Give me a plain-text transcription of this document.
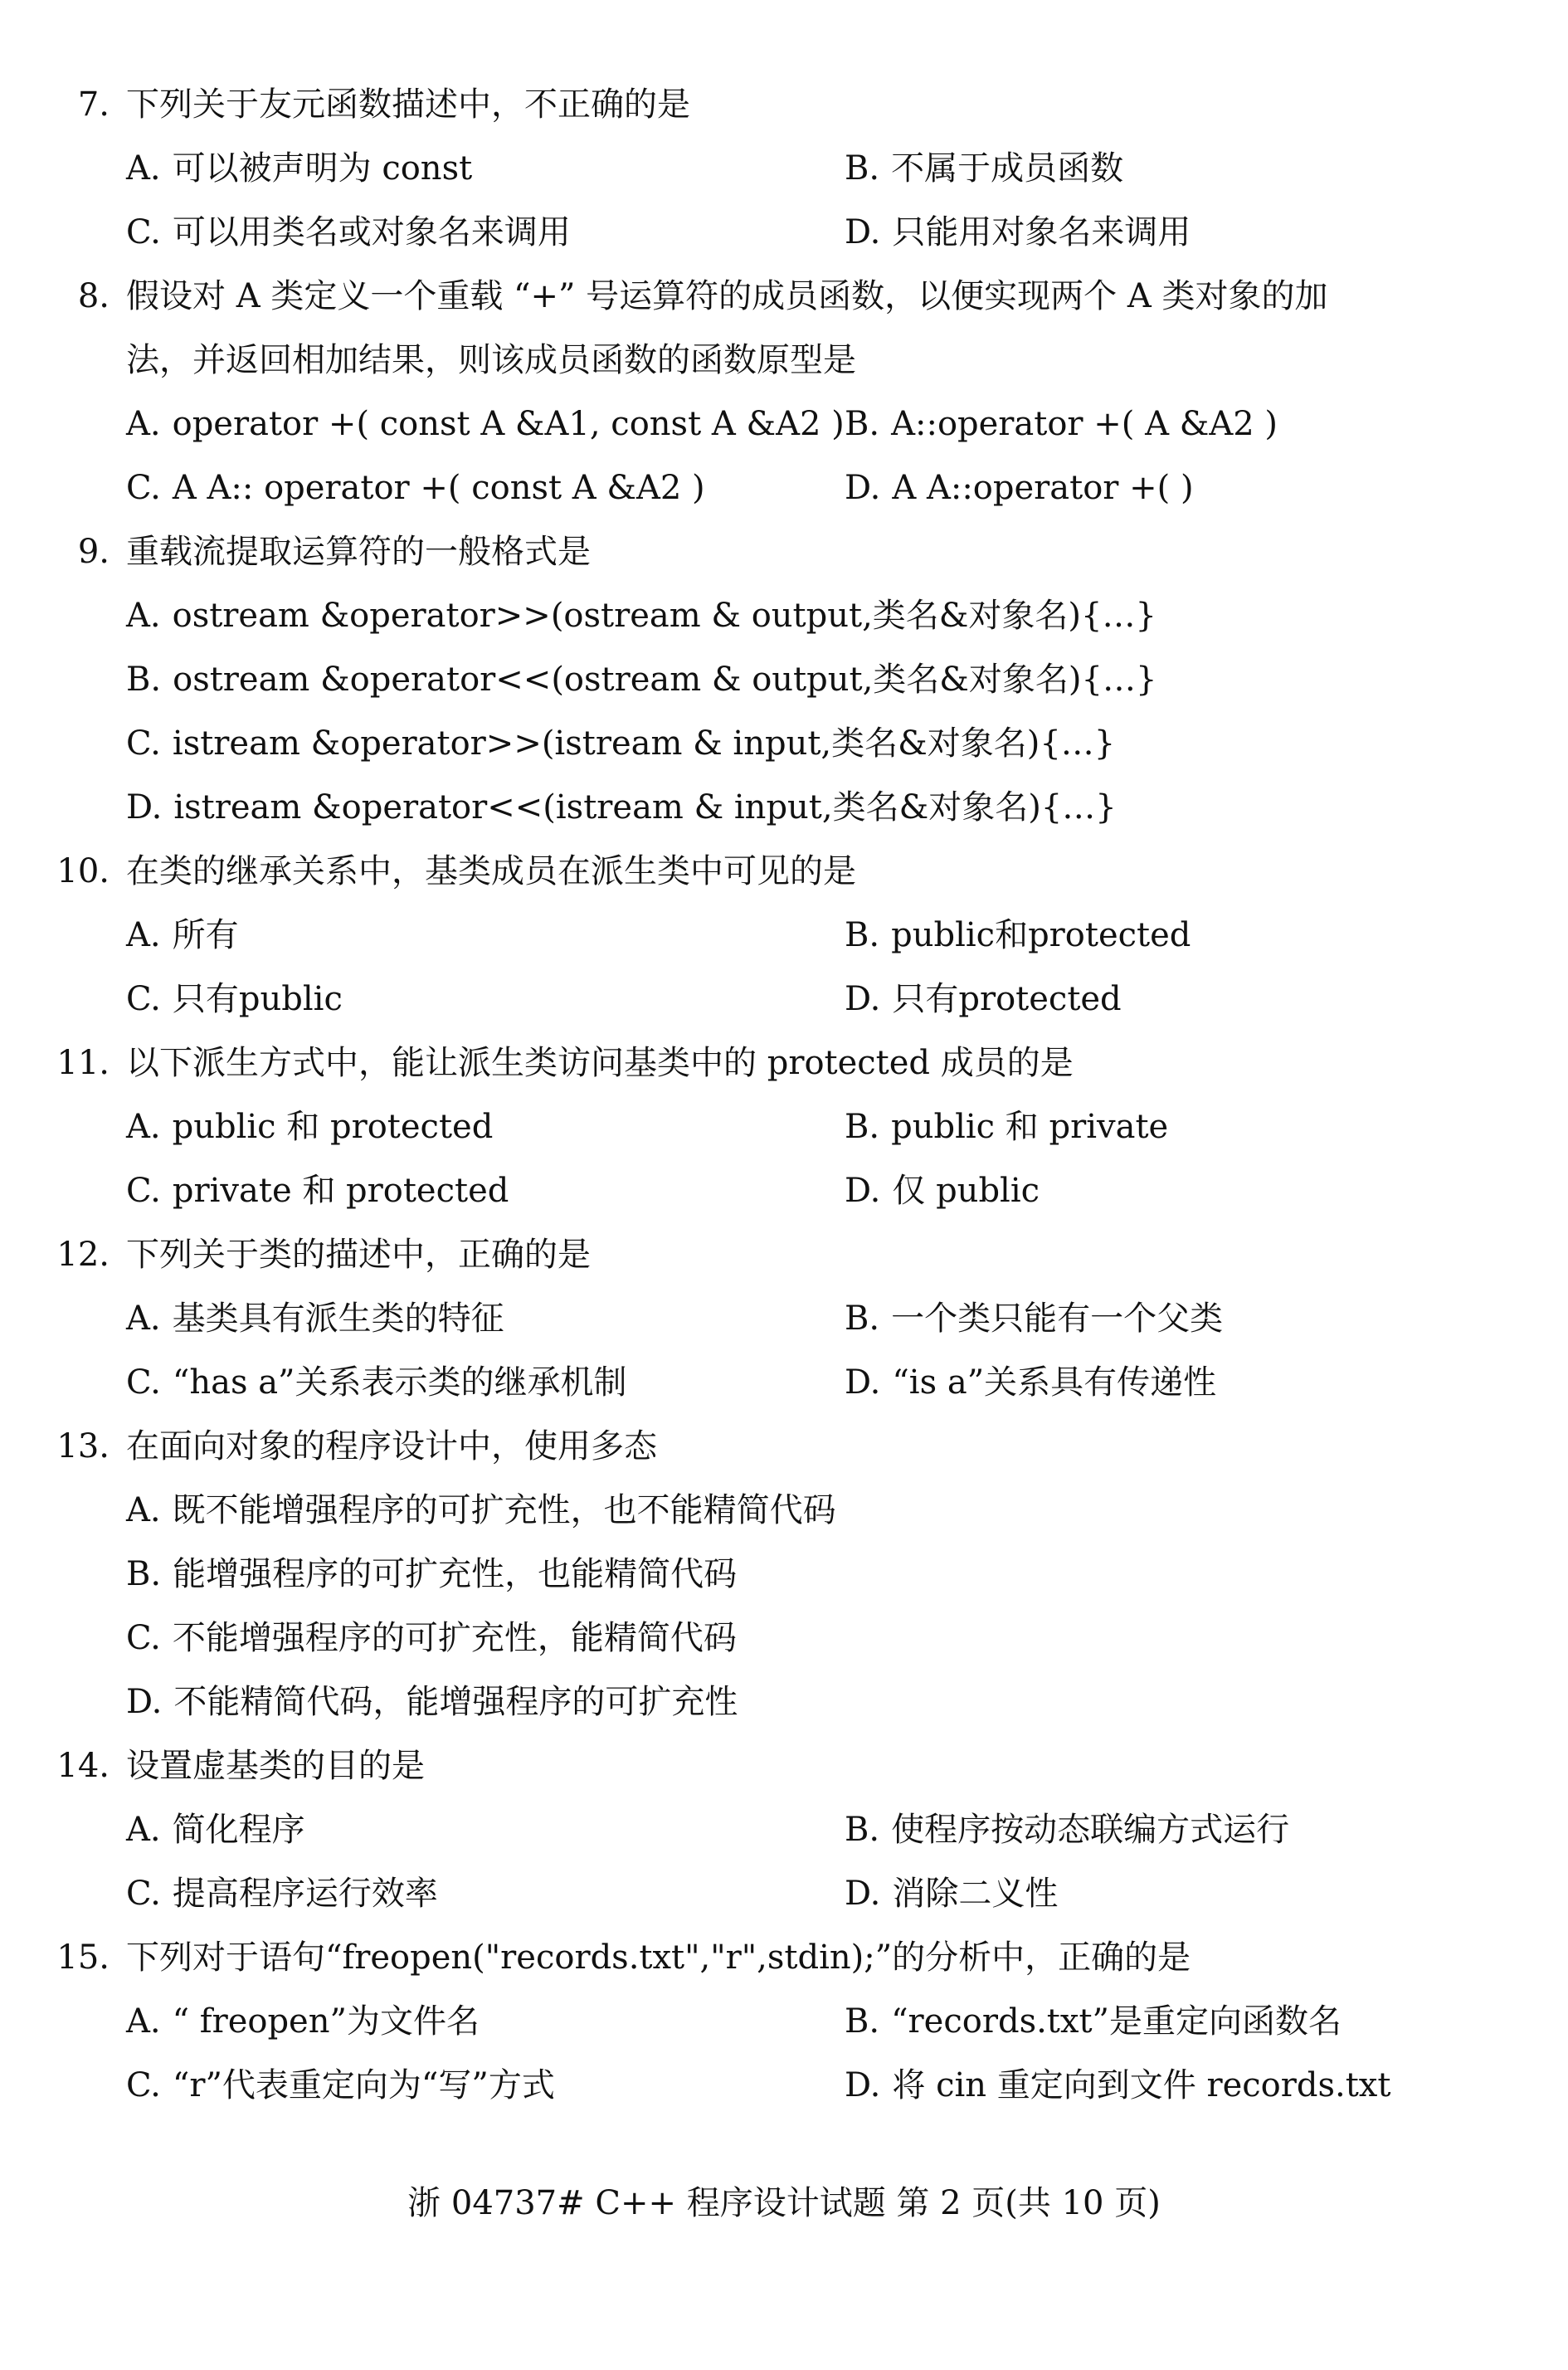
7. 下列关于友元函数描述中，不正确的是
A. 可以被声明为 const	B. 不属于成员函数
C. 可以用类名或对象名来调用	D. 只能用对象名来调用
8. 假设对 A 类定义一个重载 “+” 号运算符的成员函数，以便实现两个 A 类对象的加
法，并返回相加结果，则该成员函数的函数原型是
A. operator +( const A &A1, const A &A2 ) B. A::operator +( A &A2 )
C. A A:: operator +( const A &A2 )	D. A A::operator +( )
9. 重载流提取运算符的一般格式是
A. ostream &operator>>(ostream & output,类名&对象名){…}
B. ostream &operator<<(ostream & output,类名&对象名){…}
C. istream &operator>>(istream & input,类名&对象名){…}
D. istream &operator<<(istream & input,类名&对象名){…}
10. 在类的继承关系中，基类成员在派生类中可见的是
A. 所有	B. public和protected
C. 只有public	D. 只有protected
11. 以下派生方式中，能让派生类访问基类中的 protected 成员的是
A. public 和 protected	B. public 和 private
C. private 和 protected	D. 仅 public
12. 下列关于类的描述中，正确的是
A. 基类具有派生类的特征	B. 一个类只能有一个父类
C. “has a”关系表示类的继承机制	D. “is a”关系具有传递性
13. 在面向对象的程序设计中，使用多态
A. 既不能增强程序的可扩充性，也不能精简代码
B. 能增强程序的可扩充性，也能精简代码
C. 不能增强程序的可扩充性，能精简代码
D. 不能精简代码，能增强程序的可扩充性
14. 设置虚基类的目的是
A. 简化程序	B. 使程序按动态联编方式运行
C. 提高程序运行效率	D. 消除二义性
15. 下列对于语句“freopen("records.txt","r",stdin);”的分析中，正确的是
A. “ freopen”为文件名	B. “records.txt”是重定向函数名
C. “r”代表重定向为“写”方式	D. 将 cin 重定向到文件 records.txt
浙 04737# C++ 程序设计试题 第 2 页(共 10 页)
